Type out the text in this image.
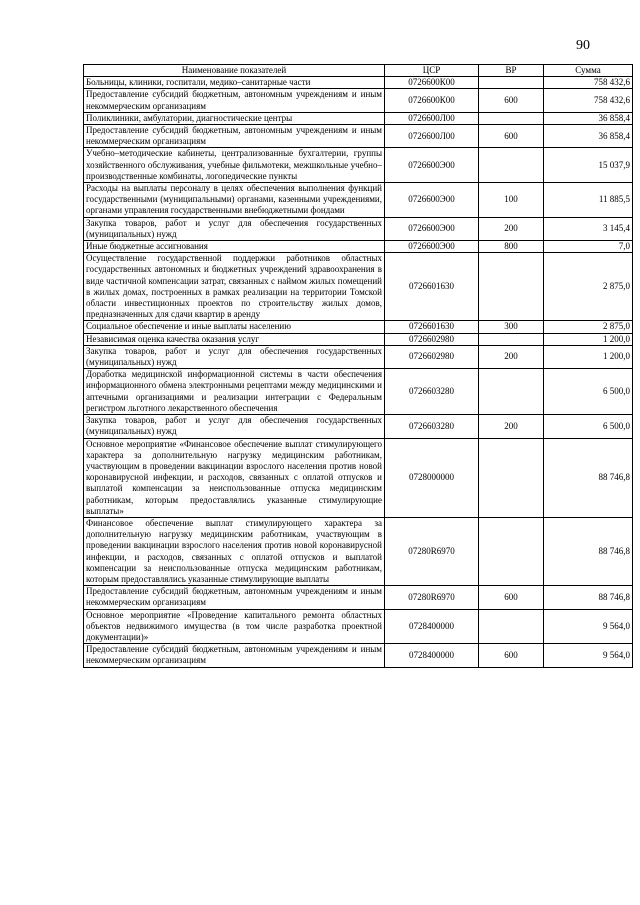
90
Наименование показателей	ЦСР	ВР	Сумма
Больницы, клиники, госпитали, медико–санитарные части	0726600К00		758 432,6
Предоставление субсидий бюджетным, автономным учреждениям и иным некоммерческим организациям	0726600К00	600	758 432,6
Поликлиники, амбулатории, диагностические центры	0726600Л00		36 858,4
Предоставление субсидий бюджетным, автономным учреждениям и иным некоммерческим организациям	0726600Л00	600	36 858,4
Учебно–методические кабинеты, централизованные бухгалтерии, группы хозяйственного обслуживания, учебные фильмотеки, межшкольные учебно–производственные комбинаты, логопедические пункты	0726600Э00		15 037,9
Расходы на выплаты персоналу в целях обеспечения выполнения функций государственными (муниципальными) органами, казенными учреждениями, органами управления государственными внебюджетными фондами	0726600Э00	100	11 885,5
Закупка товаров, работ и услуг для обеспечения государственных (муниципальных) нужд	0726600Э00	200	3 145,4
Иные бюджетные ассигнования	0726600Э00	800	7,0
Осуществление государственной поддержки работников областных государственных автономных и бюджетных учреждений здравоохранения в виде частичной компенсации затрат, связанных с наймом жилых помещений в жилых домах, построенных в рамках реализации на территории Томской области инвестиционных проектов по строительству жилых домов, предназначенных для сдачи квартир в аренду	0726601630		2 875,0
Социальное обеспечение и иные выплаты населению	0726601630	300	2 875,0
Независимая оценка качества оказания услуг	0726602980		1 200,0
Закупка товаров, работ и услуг для обеспечения государственных (муниципальных) нужд	0726602980	200	1 200,0
Доработка медицинской информационной системы в части обеспечения информационного обмена электронными рецептами между медицинскими и аптечными организациями и реализации интеграции с Федеральным регистром льготного лекарственного обеспечения	0726603280		6 500,0
Закупка товаров, работ и услуг для обеспечения государственных (муниципальных) нужд	0726603280	200	6 500,0
Основное мероприятие «Финансовое обеспечение выплат стимулирующего характера за дополнительную нагрузку медицинским работникам, участвующим в проведении вакцинации взрослого населения против новой коронавирусной инфекции, и расходов, связанных с оплатой отпусков и выплатой компенсации за неиспользованные отпуска медицинским работникам, которым предоставлялись указанные стимулирующие выплаты»	0728000000		88 746,8
Финансовое обеспечение выплат стимулирующего характера за дополнительную нагрузку медицинским работникам, участвующим в проведении вакцинации взрослого населения против новой коронавирусной инфекции, и расходов, связанных с оплатой отпусков и выплатой компенсации за неиспользованные отпуска медицинским работникам, которым предоставлялись указанные стимулирующие выплаты	07280R6970		88 746,8
Предоставление субсидий бюджетным, автономным учреждениям и иным некоммерческим организациям	07280R6970	600	88 746,8
Основное мероприятие «Проведение капитального ремонта областных объектов недвижимого имущества (в том числе разработка проектной документации)»	0728400000		9 564,0
Предоставление субсидий бюджетным, автономным учреждениям и иным некоммерческим организациям	0728400000	600	9 564,0
